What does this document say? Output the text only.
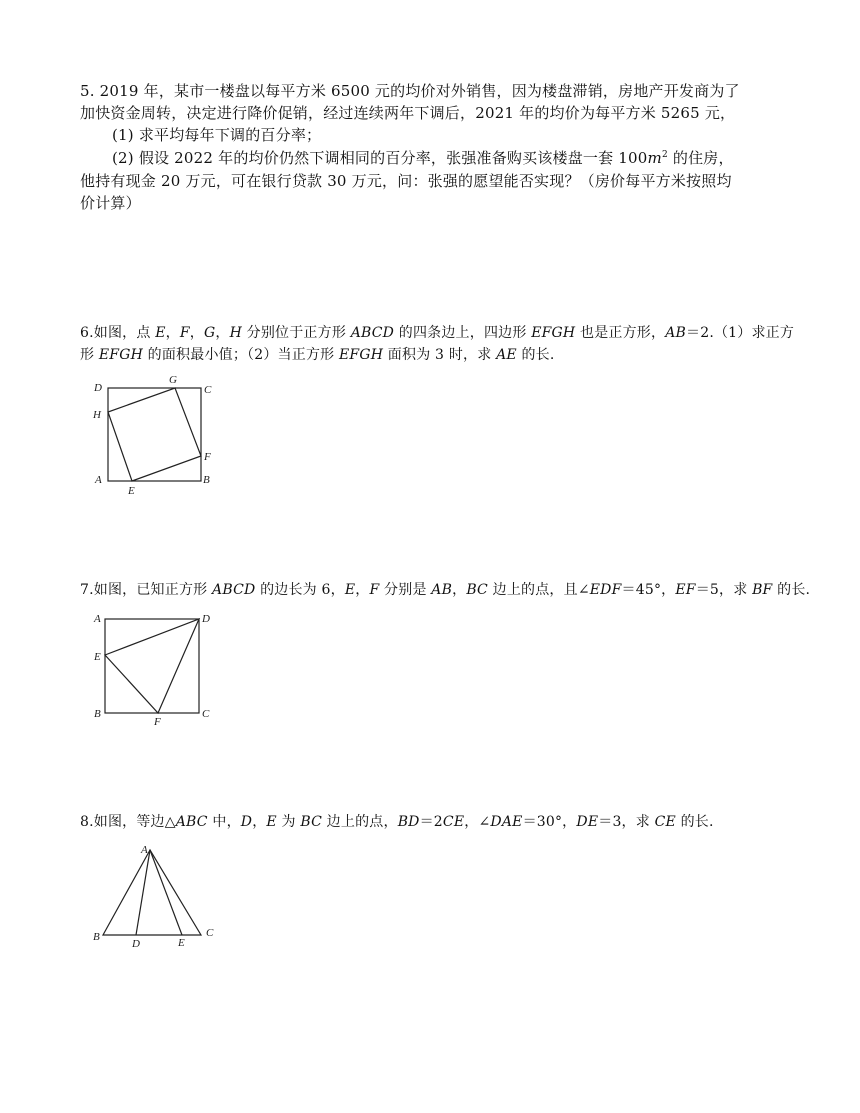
5. 2019 年，某市一楼盘以每平方米 6500 元的均价对外销售，因为楼盘滞销，房地产开发商为了
加快资金周转，决定进行降价促销，经过连续两年下调后，2021 年的均价为每平方米 5265 元，
(1) 求平均每年下调的百分率；
(2) 假设 2022 年的均价仍然下调相同的百分率，张强准备购买该楼盘一套 $100m^2$ 的住房，
他持有现金 20 万元，可在银行贷款 30 万元，问：张强的愿望能否实现？（房价每平方米按照均
价计算）
6.如图，点 E，F，G，H 分别位于正方形 ABCD 的四条边上，四边形 EFGH 也是正方形，AB＝2.（1）求正方
形 EFGH 的面积最小值；（2）当正方形 EFGH 面积为 3 时，求 AE 的长.
D
G
C
H
F
A
E
B
7.如图，已知正方形 ABCD 的边长为 6，E，F 分别是 AB，BC 边上的点，且∠EDF＝45°，EF＝5，求 BF 的长.
A	D
E
B
F
C
8.如图，等边△ABC 中，D，E 为 BC 边上的点，BD＝2CE，∠DAE＝30°，DE＝3，求 CE 的长.
A
B
D	E
C
